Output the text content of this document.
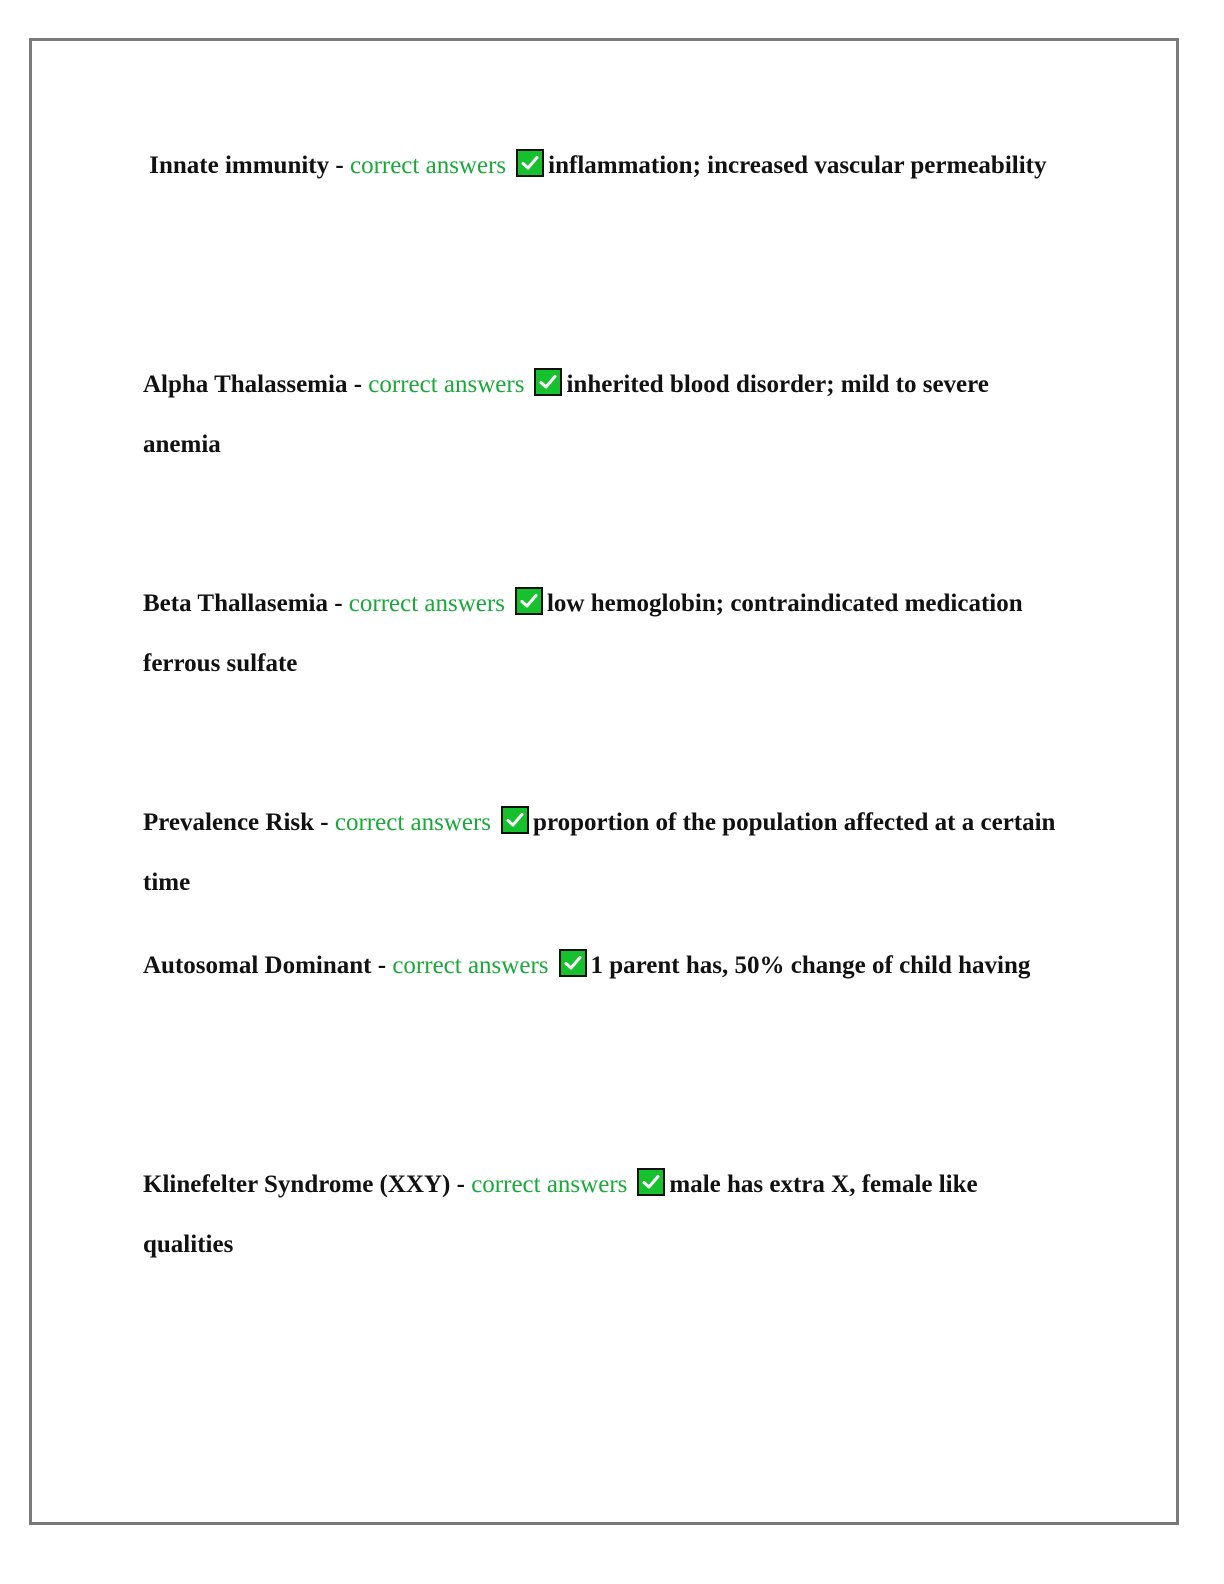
Innate immunity - correct answers inflammation; increased vascular permeability
Alpha Thalassemia - correct answers inherited blood disorder; mild to severe anemia
Beta Thallasemia - correct answers low hemoglobin; contraindicated medication ferrous sulfate
Prevalence Risk - correct answers proportion of the population affected at a certain time
Autosomal Dominant - correct answers 1 parent has, 50% change of child having
Klinefelter Syndrome (XXY) - correct answers male has extra X, female like qualities
